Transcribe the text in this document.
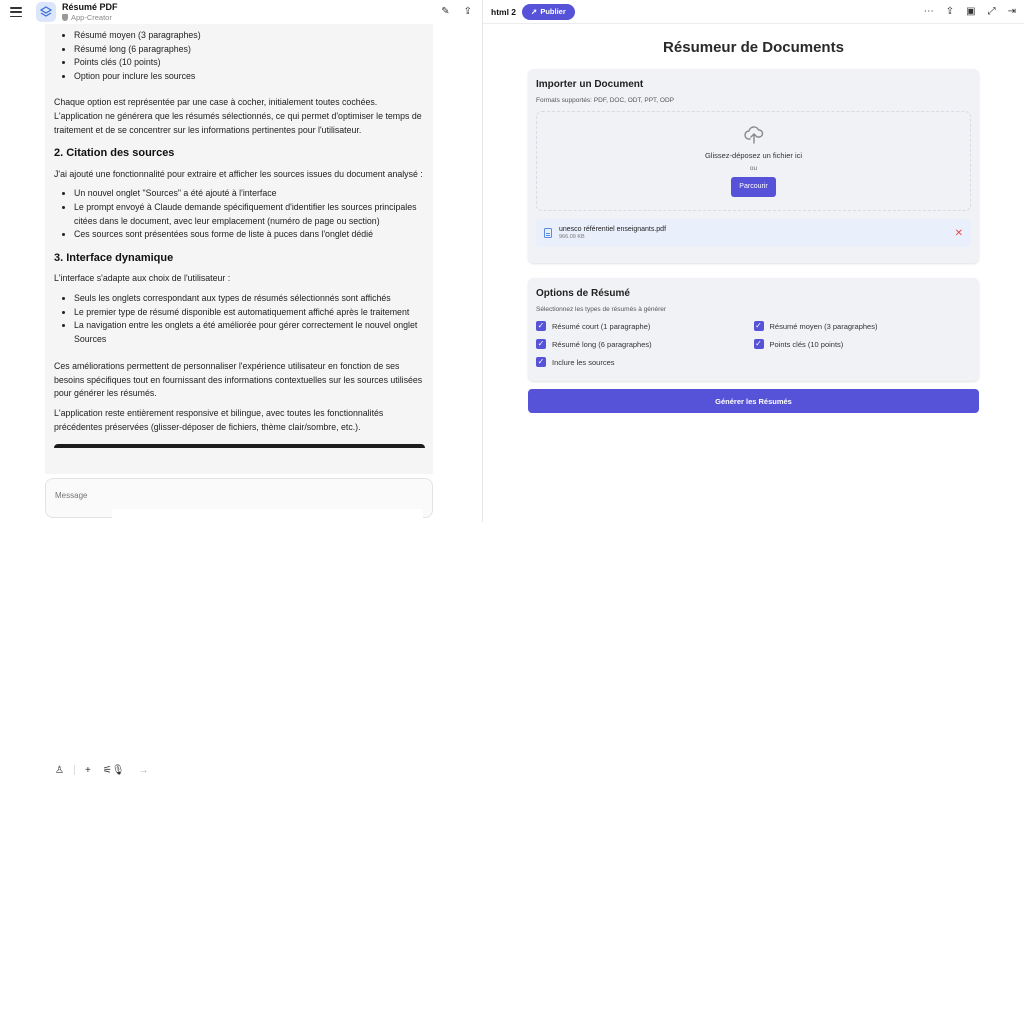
Résumé PDF
App-Creator
✎ ⇪
• Résumé moyen (3 paragraphes)
• Résumé long (6 paragraphes)
• Points clés (10 points)
• Option pour inclure les sources

Chaque option est représentée par une case à cocher, initialement toutes cochées. L'application ne générera que les résumés sélectionnés, ce qui permet d'optimiser le temps de traitement et de se concentrer sur les informations pertinentes pour l'utilisateur.

2. Citation des sources

J'ai ajouté une fonctionnalité pour extraire et afficher les sources issues du document analysé :

• Un nouvel onglet "Sources" a été ajouté à l'interface
• Le prompt envoyé à Claude demande spécifiquement d'identifier les sources principales citées dans le document, avec leur emplacement (numéro de page ou section)
• Ces sources sont présentées sous forme de liste à puces dans l'onglet dédié
3. Interface dynamique

L'interface s'adapte aux choix de l'utilisateur :

• Seuls les onglets correspondant aux types de résumés sélectionnés sont affichés
• Le premier type de résumé disponible est automatiquement affiché après le traitement
• La navigation entre les onglets a été améliorée pour gérer correctement le nouvel onglet Sources

Ces améliorations permettent de personnaliser l'expérience utilisateur en fonction de ses besoins spécifiques tout en fournissant des informations contextuelles sur les sources utilisées pour générer les résumés.

L'application reste entièrement responsive et bilingue, avec toutes les fonctionnalités précédentes préservées (glisser-déposer de fichiers, thème clair/sombre, etc.).

Message
♙ + ⚟ 🎙︎ →
html 2 ➚ Publier	⋯ ⇪ ▣ ⤢ ⇥
Résumeur de Documents
Importer un Document
Formats supportés: PDF, DOC, ODT, PPT, ODP
Glissez-déposez un fichier ici
ou
Parcourir
unesco référentiel enseignants.pdf
966.09 KB	✕
Options de Résumé
Sélectionnez les types de résumés à générer
✓ Résumé court (1 paragraphe)	✓ Résumé moyen (3 paragraphes)
✓ Résumé long (6 paragraphes)	✓ Points clés (10 points)
✓ Inclure les sources
Générer les Résumés
